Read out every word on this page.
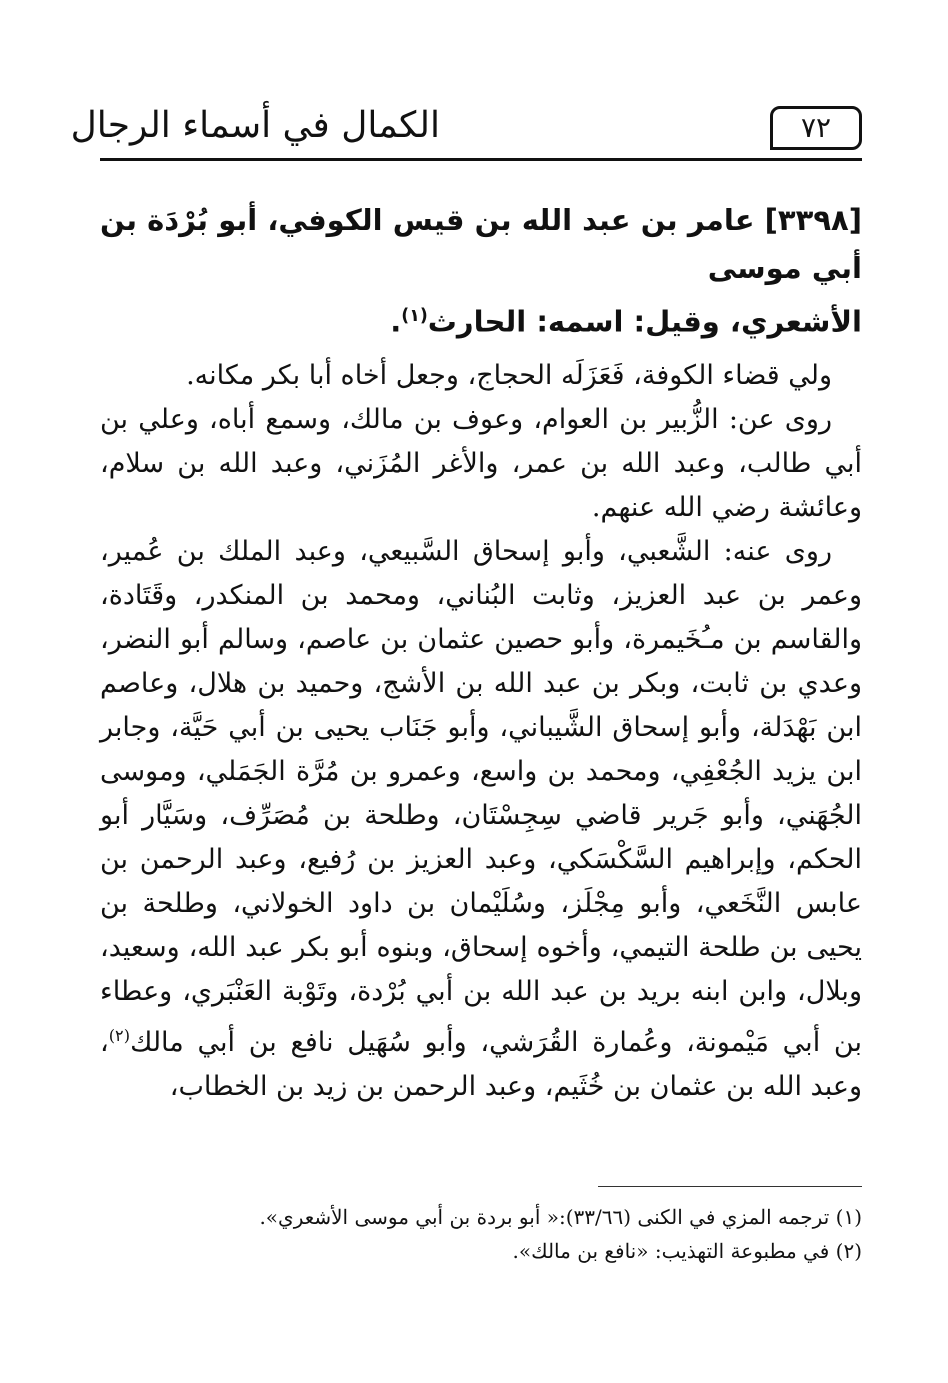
الكمال في أسماء الرجال	٧٢

[٣٣٩٨] عامر بن عبد الله بن قيس الكوفي، أبو بُرْدَة بن أبي موسى
الأشعري، وقيل: اسمه: الحارث$^{(١)}$.

ولي قضاء الكوفة، فَعَزَلَه الحجاج، وجعل أخاه أبا بكر مكانه.

روى عن: الزُّبير بن العوام، وعوف بن مالك، وسمع أباه، وعلي بن أبي طالب، وعبد الله بن عمر، والأغر المُزَني، وعبد الله بن سلام، وعائشة رضي الله عنهم.

روى عنه: الشَّعبي، وأبو إسحاق السَّبيعي، وعبد الملك بن عُمير، وعمر بن عبد العزيز، وثابت البُناني، ومحمد بن المنكدر، وقَتَادة، والقاسم بن مـُخَيمرة، وأبو حصين عثمان بن عاصم، وسالم أبو النضر، وعدي بن ثابت، وبكر بن عبد الله بن الأشج، وحميد بن هلال، وعاصم ابن بَهْدَلة، وأبو إسحاق الشَّيباني، وأبو جَنَاب يحيى بن أبي حَيَّة، وجابر ابن يزيد الجُعْفِي، ومحمد بن واسع، وعمرو بن مُرَّة الجَمَلي، وموسى الجُهَني، وأبو جَرير قاضي سِجِسْتَان، وطلحة بن مُصَرِّف، وسَيَّار أبو الحكم، وإبراهيم السَّكْسَكي، وعبد العزيز بن رُفيع، وعبد الرحمن بن عابس النَّخَعي، وأبو مِجْلَز، وسُلَيْمان بن داود الخولاني، وطلحة بن يحيى بن طلحة التيمي، وأخوه إسحاق، وبنوه أبو بكر عبد الله، وسعيد، وبلال، وابن ابنه بريد بن عبد الله بن أبي بُرْدة، وتَوْبة العَنْبَري، وعطاء بن أبي مَيْمونة، وعُمارة القُرَشي، وأبو سُهَيل نافع بن أبي مالك$^{(٢)}$، وعبد الله بن عثمان بن خُثَيم، وعبد الرحمن بن زيد بن الخطاب،

(١) ترجمه المزي في الكنى (٣٣/٦٦):« أبو بردة بن أبي موسى الأشعري».

(٢) في مطبوعة التهذيب: «نافع بن مالك».
